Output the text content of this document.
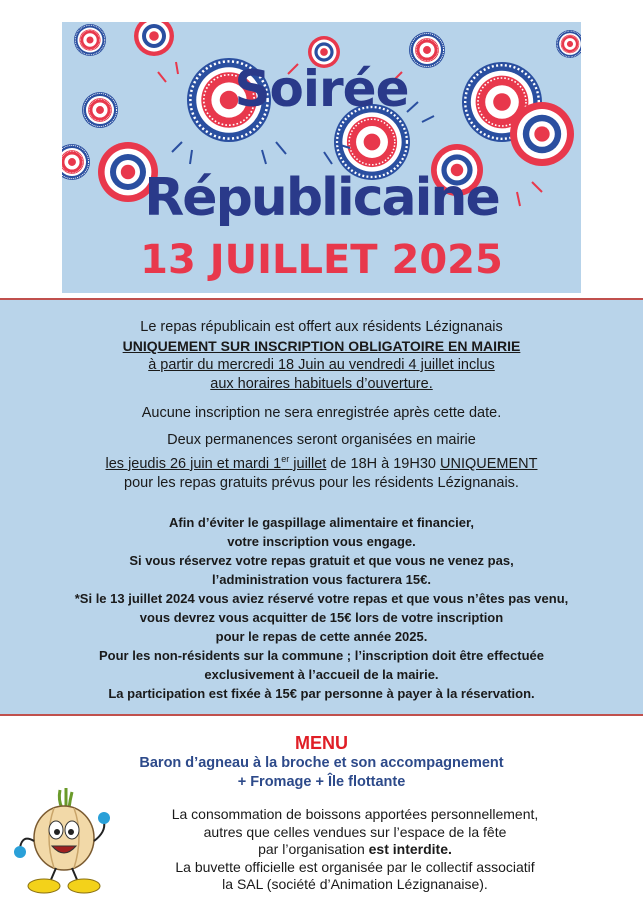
Soirée
Républicaine
13 JUILLET 2025

Le repas républicain est offert aux résidents Lézignanais

UNIQUEMENT SUR INSCRIPTION OBLIGATOIRE EN MAIRIE

à partir du mercredi 18 Juin au vendredi 4 juillet inclus

aux horaires habituels d’ouverture.

Aucune inscription ne sera enregistrée après cette date.

Deux permanences seront organisées en mairie

les jeudis 26 juin et mardi 1er juillet de 18H à 19H30 UNIQUEMENT

pour les repas gratuits prévus pour les résidents Lézignanais.

Afin d’éviter le gaspillage alimentaire et financier,

votre inscription vous engage.

Si vous réservez votre repas gratuit et que vous ne venez pas,

l’administration vous facturera 15€.

*Si le 13 juillet 2024 vous aviez réservé votre repas et que vous n’êtes pas venu,

vous devrez vous acquitter de 15€ lors de votre inscription

pour le repas de cette année 2025.

Pour les non-résidents sur la commune ; l’inscription doit être effectuée

exclusivement à l’accueil de la mairie.

La participation est fixée à 15€ par personne à payer à la réservation.

MENU
Baron d’agneau à la broche et son accompagnement
+ Fromage + Île flottante

La consommation de boissons apportées personnellement,

autres que celles vendues sur l’espace de la fête

par l’organisation est interdite.

La buvette officielle est organisée par le collectif associatif

la SAL (société d’Animation Lézignanaise).
